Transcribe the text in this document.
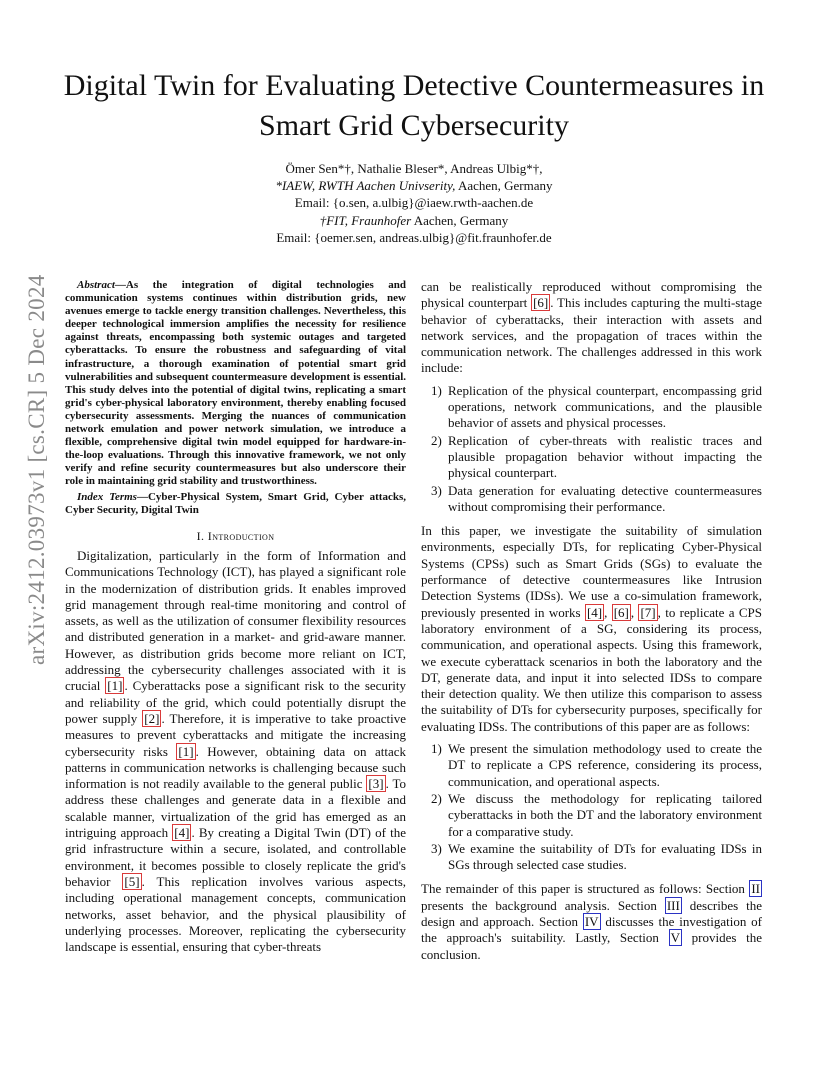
arXiv:2412.03973v1 [cs.CR] 5 Dec 2024
Digital Twin for Evaluating Detective Countermeasures in Smart Grid Cybersecurity
Ömer Sen*†, Nathalie Bleser*, Andreas Ulbig*†,
*IAEW, RWTH Aachen Univserity, Aachen, Germany
Email: {o.sen, a.ulbig}@iaew.rwth-aachen.de
†FIT, Fraunhofer Aachen, Germany
Email: {oemer.sen, andreas.ulbig}@fit.fraunhofer.de

Abstract—As the integration of digital technologies and communication systems continues within distribution grids, new avenues emerge to tackle energy transition challenges. Nevertheless, this deeper technological immersion amplifies the necessity for resilience against threats, encompassing both systemic outages and targeted cyberattacks. To ensure the robustness and safeguarding of vital infrastructure, a thorough examination of potential smart grid vulnerabilities and subsequent countermeasure development is essential. This study delves into the potential of digital twins, replicating a smart grid's cyber-physical laboratory environment, thereby enabling focused cybersecurity assessments. Merging the nuances of communication network emulation and power network simulation, we introduce a flexible, comprehensive digital twin model equipped for hardware-in-the-loop evaluations. Through this innovative framework, we not only verify and refine security countermeasures but also underscore their role in maintaining grid stability and trustworthiness.

Index Terms—Cyber-Physical System, Smart Grid, Cyber attacks, Cyber Security, Digital Twin

I. Introduction

Digitalization, particularly in the form of Information and Communications Technology (ICT), has played a significant role in the modernization of distribution grids. It enables improved grid management through real-time monitoring and control of assets, as well as the utilization of consumer flexibility resources and distributed generation in a market- and grid-aware manner. However, as distribution grids become more reliant on ICT, addressing the cybersecurity challenges associated with it is crucial [1] . Cyberattacks pose a significant risk to the security and reliability of the grid, which could potentially disrupt the power supply [2] . Therefore, it is imperative to take proactive measures to prevent cyberattacks and mitigate the increasing cybersecurity risks [1] . However, obtaining data on attack patterns in communication networks is challenging because such information is not readily available to the general public [3] . To address these challenges and generate data in a flexible and scalable manner, virtualization of the grid has emerged as an intriguing approach [4] . By creating a Digital Twin (DT) of the grid infrastructure within a secure, isolated, and controllable environment, it becomes possible to closely replicate the grid's behavior [5] . This replication involves various aspects, including operational management concepts, communication networks, asset behavior, and the physical plausibility of underlying processes. Moreover, replicating the cybersecurity landscape is essential, ensuring that cyber-threats

can be realistically reproduced without compromising the physical counterpart [6] . This includes capturing the multi-stage behavior of cyberattacks, their interaction with assets and network services, and the propagation of traces within the communication network. The challenges addressed in this work include:

1) Replication of the physical counterpart, encompassing grid operations, network communications, and the plausible behavior of assets and physical processes.
2) Replication of cyber-threats with realistic traces and plausible propagation behavior without impacting the physical counterpart.
3) Data generation for evaluating detective countermeasures without compromising their performance.

In this paper, we investigate the suitability of simulation environments, especially DTs, for replicating Cyber-Physical Systems (CPSs) such as Smart Grids (SGs) to evaluate the performance of detective countermeasures like Intrusion Detection Systems (IDSs). We use a co-simulation framework, previously presented in works [4] , [6] , [7] , to replicate a CPS laboratory environment of a SG, considering its process, communication, and operational aspects. Using this framework, we execute cyberattack scenarios in both the laboratory and the DT, generate data, and input it into selected IDSs to compare their detection quality. We then utilize this comparison to assess the suitability of DTs for cybersecurity purposes, specifically for evaluating IDSs. The contributions of this paper are as follows:

1) We present the simulation methodology used to create the DT to replicate a CPS reference, considering its process, communication, and operational aspects.
2) We discuss the methodology for replicating tailored cyberattacks in both the DT and the laboratory environment for a comparative study.
3) We examine the suitability of DTs for evaluating IDSs in SGs through selected case studies.

The remainder of this paper is structured as follows: Section II presents the background analysis. Section III describes the design and approach. Section IV discusses the investigation of the approach's suitability. Lastly, Section V provides the conclusion.
